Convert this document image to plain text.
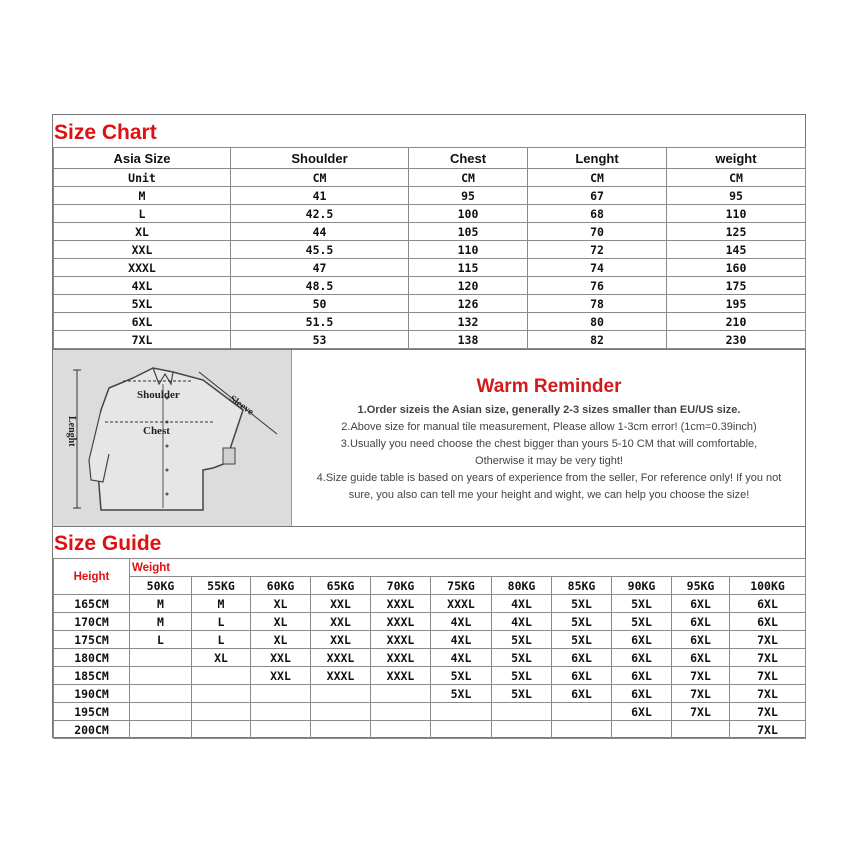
Size Chart
Asia Size	Shoulder	Chest	Lenght	weight
Unit	CM	CM	CM	CM
M	41	95	67	95
L	42.5	100	68	110
XL	44	105	70	125
XXL	45.5	110	72	145
XXXL	47	115	74	160
4XL	48.5	120	76	175
5XL	50	126	78	195
6XL	51.5	132	80	210
7XL	53	138	82	230
Shoulder
Chest
Sleeve
Lenght
Warm Reminder
1.Order sizeis the Asian size, generally 2-3 sizes smaller than EU/US size.
2.Above size for manual tile measurement, Please allow 1-3cm error! (1cm=0.39inch)
3.Usually you need choose the chest bigger than yours 5-10 CM that will comfortable,
Otherwise it may be very tight!
4.Size guide table is based on years of experience from the seller, For reference only! If you not
sure, you also can tell me your height and wight, we can help you choose the size!
Size Guide
Height	Weight										
	50KG	55KG	60KG	65KG	70KG	75KG	80KG	85KG	90KG	95KG	100KG
165CM	M	M	XL	XXL	XXXL	XXXL	4XL	5XL	5XL	6XL	6XL
170CM	M	L	XL	XXL	XXXL	4XL	4XL	5XL	5XL	6XL	6XL
175CM	L	L	XL	XXL	XXXL	4XL	5XL	5XL	6XL	6XL	7XL
180CM		XL	XXL	XXXL	XXXL	4XL	5XL	6XL	6XL	6XL	7XL
185CM			XXL	XXXL	XXXL	5XL	5XL	6XL	6XL	7XL	7XL
190CM						5XL	5XL	6XL	6XL	7XL	7XL
195CM									6XL	7XL	7XL
200CM											7XL
